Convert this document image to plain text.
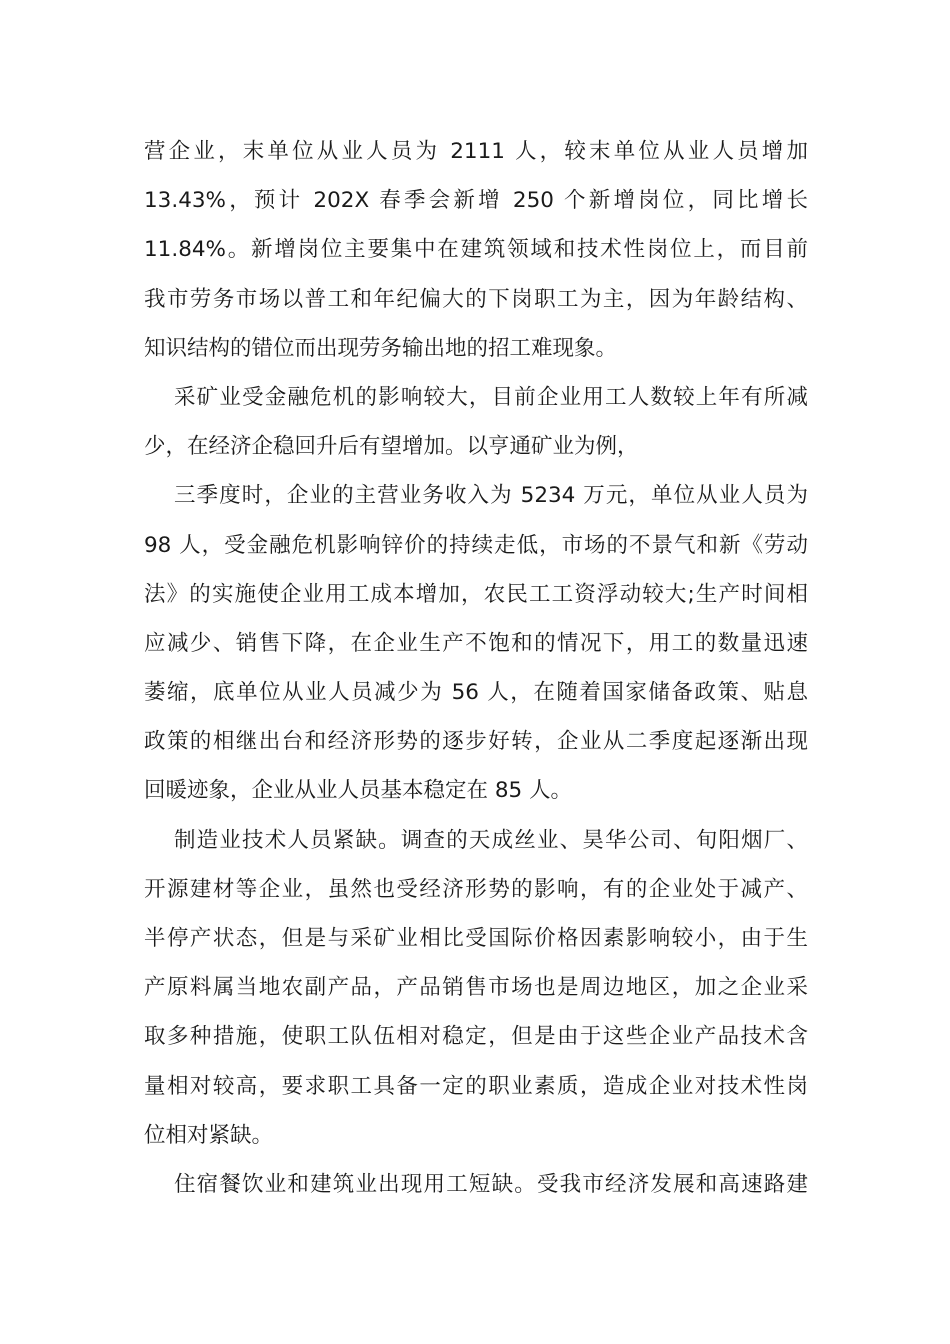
营企业，末单位从业人员为 2111 人，较末单位从业人员增加
13.43%，预计 202X 春季会新增 250 个新增岗位，同比增长
11.84%。新增岗位主要集中在建筑领域和技术性岗位上，而目前
我市劳务市场以普工和年纪偏大的下岗职工为主，因为年龄结构、
知识结构的错位而出现劳务输出地的招工难现象。
采矿业受金融危机的影响较大，目前企业用工人数较上年有所减
少，在经济企稳回升后有望增加。以亨通矿业为例，
三季度时，企业的主营业务收入为 5234 万元，单位从业人员为
98 人，受金融危机影响锌价的持续走低，市场的不景气和新《劳动
法》的实施使企业用工成本增加，农民工工资浮动较大;生产时间相
应减少、销售下降，在企业生产不饱和的情况下，用工的数量迅速
萎缩，底单位从业人员减少为 56 人，在随着国家储备政策、贴息
政策的相继出台和经济形势的逐步好转，企业从二季度起逐渐出现
回暖迹象，企业从业人员基本稳定在 85 人。
制造业技术人员紧缺。调查的天成丝业、昊华公司、旬阳烟厂、
开源建材等企业，虽然也受经济形势的影响，有的企业处于减产、
半停产状态，但是与采矿业相比受国际价格因素影响较小，由于生
产原料属当地农副产品，产品销售市场也是周边地区，加之企业采
取多种措施，使职工队伍相对稳定，但是由于这些企业产品技术含
量相对较高，要求职工具备一定的职业素质，造成企业对技术性岗
位相对紧缺。
住宿餐饮业和建筑业出现用工短缺。受我市经济发展和高速路建
